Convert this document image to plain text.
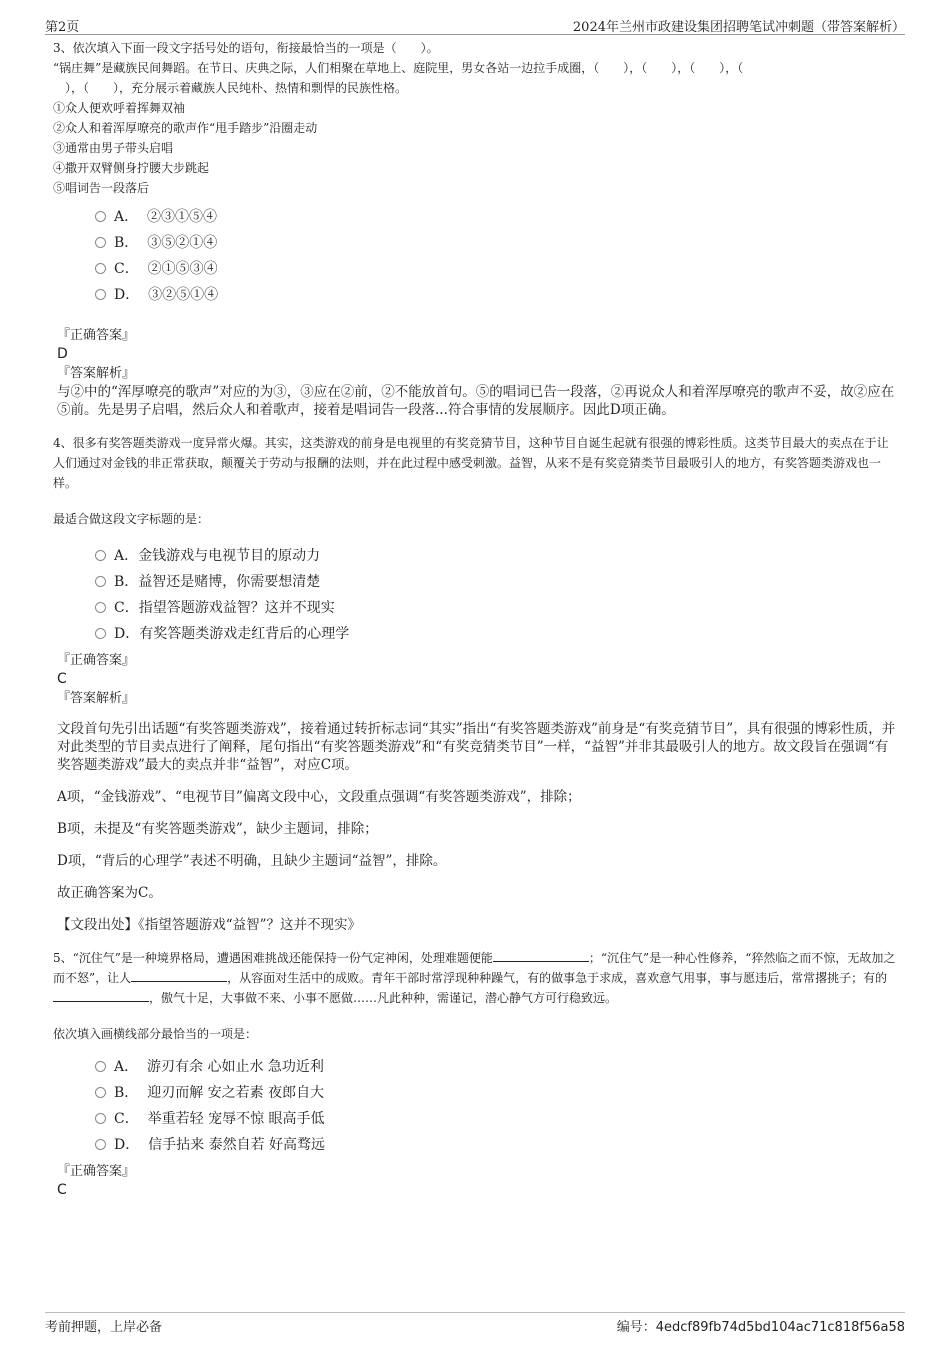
第2页	2024年兰州市政建设集团招聘笔试冲刺题（带答案解析）

3、依次填入下面一段文字括号处的语句，衔接最恰当的一项是（　　）。

“锅庄舞”是藏族民间舞蹈。在节日、庆典之际，人们相聚在草地上、庭院里，男女各站一边拉手成圈，（　　），（　　），（　　），（

　），（　　），充分展示着藏族人民纯朴、热情和剽悍的民族性格。

①众人便欢呼着挥舞双袖

②众人和着浑厚嘹亮的歌声作“甩手踏步”沿圈走动

③通常由男子带头启唱

④撒开双臂侧身拧腰大步跳起

⑤唱词告一段落后

A． ②③①⑤④
B． ③⑤②①④
C． ②①⑤③④
D． ③②⑤①④
『正确答案』
D
『答案解析』
与②中的“浑厚嘹亮的歌声”对应的为③，③应在②前，②不能放首句。⑤的唱词已告一段落，②再说众人和着浑厚嘹亮的歌声不妥，故②应在⑤前。先是男子启唱，然后众人和着歌声，接着是唱词告一段落...符合事情的发展顺序。因此D项正确。

4、很多有奖答题类游戏一度异常火爆。其实，这类游戏的前身是电视里的有奖竞猜节目，这种节目自诞生起就有很强的博彩性质。这类节目最大的卖点在于让人们通过对金钱的非正常获取，颠覆关于劳动与报酬的法则，并在此过程中感受刺激。益智，从来不是有奖竞猜类节目最吸引人的地方，有奖答题类游戏也一样。

最适合做这段文字标题的是：

A．金钱游戏与电视节目的原动力
B．益智还是赌博，你需要想清楚
C．指望答题游戏益智？这并不现实
D．有奖答题类游戏走红背后的心理学
『正确答案』
C
『答案解析』

文段首句先引出话题“有奖答题类游戏”，接着通过转折标志词“其实”指出“有奖答题类游戏”前身是“有奖竞猜节目”，具有很强的博彩性质，并对此类型的节目卖点进行了阐释，尾句指出“有奖答题类游戏”和“有奖竞猜类节目”一样，“益智”并非其最吸引人的地方。故文段旨在强调“有奖答题类游戏”最大的卖点并非“益智”，对应C项。

A项，“金钱游戏”、“电视节目”偏离文段中心，文段重点强调“有奖答题类游戏”，排除；

B项，未提及“有奖答题类游戏”，缺少主题词，排除；

D项，“背后的心理学”表述不明确，且缺少主题词“益智”，排除。

故正确答案为C。

【文段出处】《指望答题游戏“益智”？这并不现实》

5、“沉住气”是一种境界格局，遭遇困难挑战还能保持一份气定神闲，处理难题便能	；“沉住气”是一种心性修养，“猝然临之而不惊，无故加之而不怒”，让人	，从容面对生活中的成败。青年干部时常浮现种种躁气，有的做事急于求成，喜欢意气用事，事与愿违后，常常撂挑子；有的，傲气十足，大事做不来、小事不愿做……凡此种种，需谨记，潜心静气方可行稳致远。

依次填入画横线部分最恰当的一项是：

A． 游刃有余 心如止水 急功近利
B． 迎刃而解 安之若素 夜郎自大
C． 举重若轻 宠辱不惊 眼高手低
D． 信手拈来 泰然自若 好高骛远
『正确答案』
C
考前押题，上岸必备	编号：4edcf89fb74d5bd104ac71c818f56a58
